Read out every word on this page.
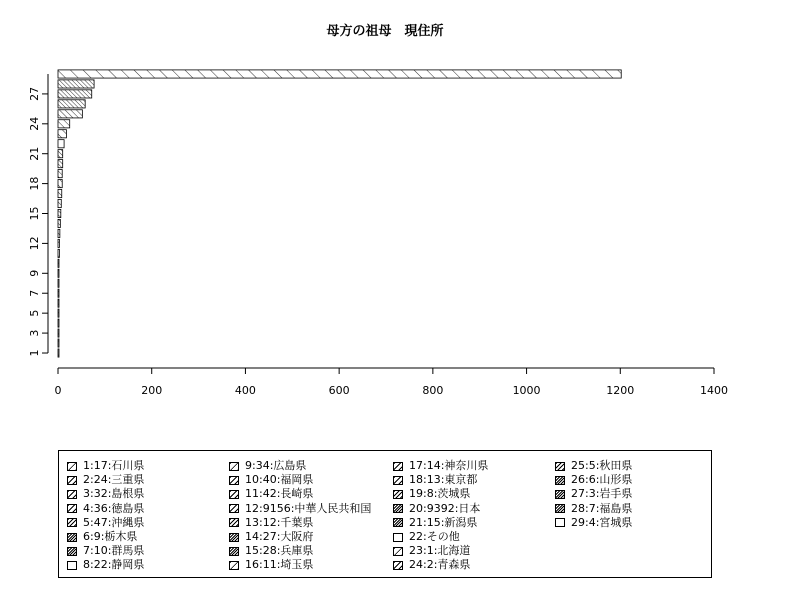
母方の祖母　現住所
0	200	400	600	800	1000	1200	1400
1
3
5
7
9
12
15
18
21
24
27
1:17:石川県
2:24:三重県
3:32:島根県
4:36:徳島県
5:47:沖縄県
6:9:栃木県
7:10:群馬県
8:22:静岡県
9:34:広島県
10:40:福岡県
11:42:長崎県
12:9156:中華人民共和国
13:12:千葉県
14:27:大阪府
15:28:兵庫県
16:11:埼玉県
17:14:神奈川県
18:13:東京都
19:8:茨城県
20:9392:日本
21:15:新潟県
22:その他
23:1:北海道
24:2:青森県
25:5:秋田県
26:6:山形県
27:3:岩手県
28:7:福島県
29:4:宮城県
